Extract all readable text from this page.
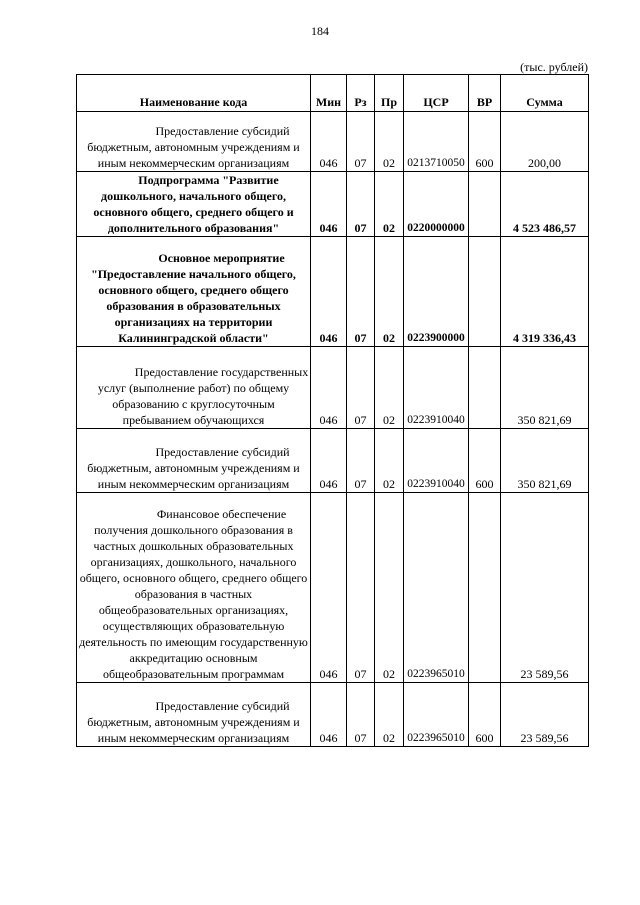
184
(тыс. рублей)
Наименование кода	Мин	Рз	Пр	ЦСР	ВР	Сумма

Предоставление субсидий бюджетным, автономным учреждениям и иным некоммерческим организациям	046	07	02	0213710050	600	200,00

Подпрограмма "Развитие дошкольного, начального общего, основного общего, среднего общего и дополнительного образования"	046	07	02	0220000000		4 523 486,57

Основное мероприятие "Предоставление начального общего, основного общего, среднего общего образования в образовательных организациях на территории Калининградской области"	046	07	02	0223900000		4 319 336,43

Предоставление государственных услуг (выполнение работ) по общему образованию с круглосуточным пребыванием обучающихся	046	07	02	0223910040		350 821,69

Предоставление субсидий бюджетным, автономным учреждениям и иным некоммерческим организациям	046	07	02	0223910040	600	350 821,69

Финансовое обеспечение получения дошкольного образования в частных дошкольных образовательных организациях, дошкольного, начального общего, основного общего, среднего общего образования в частных общеобразовательных организациях, осуществляющих образовательную деятельность по имеющим государственную аккредитацию основным общеобразовательным программам	046	07	02	0223965010		23 589,56

Предоставление субсидий бюджетным, автономным учреждениям и иным некоммерческим организациям	046	07	02	0223965010	600	23 589,56
